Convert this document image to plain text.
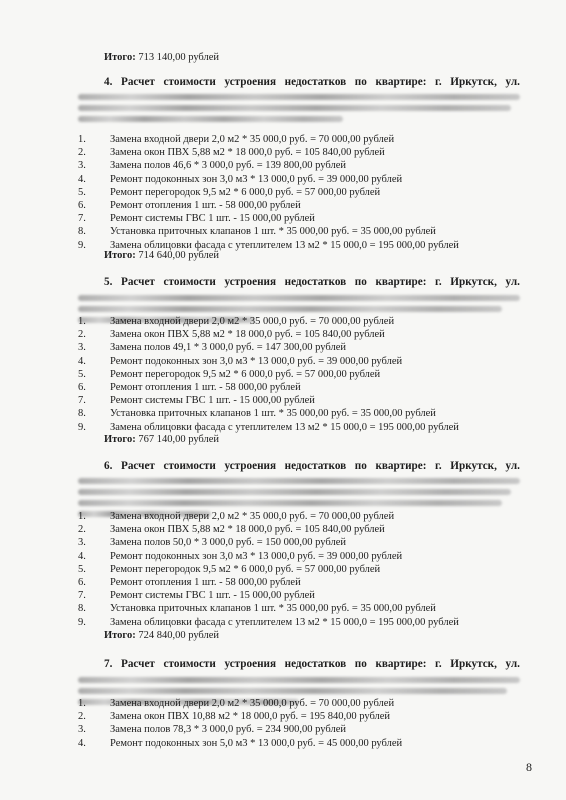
Итого: 713 140,00 рублей
4. Расчет стоимости устроения недостатков по квартире: г. Иркутск, ул.
1. Замена входной двери 2,0 м2 * 35 000,0 руб. = 70 000,00 рублей
2. Замена окон ПВХ 5,88 м2 * 18 000,0 руб. = 105 840,00 рублей
3. Замена полов 46,6 * 3 000,0 руб. = 139 800,00 рублей
4. Ремонт подоконных зон 3,0 м3 * 13 000,0 руб. = 39 000,00 рублей
5. Ремонт перегородок 9,5 м2 * 6 000,0 руб. = 57 000,00 рублей
6. Ремонт отопления 1 шт. - 58 000,00 рублей
7. Ремонт системы ГВС 1 шт. - 15 000,00 рублей
8. Установка приточных клапанов 1 шт. * 35 000,00 руб. = 35 000,00 рублей
9. Замена облицовки фасада с утеплителем 13 м2 * 15 000,0 = 195 000,00 рублей
Итого: 714 640,00 рублей
5. Расчет стоимости устроения недостатков по квартире: г. Иркутск, ул.
1. Замена входной двери 2,0 м2 * 35 000,0 руб. = 70 000,00 рублей
2. Замена окон ПВХ 5,88 м2 * 18 000,0 руб. = 105 840,00 рублей
3. Замена полов 49,1 * 3 000,0 руб. = 147 300,00 рублей
4. Ремонт подоконных зон 3,0 м3 * 13 000,0 руб. = 39 000,00 рублей
5. Ремонт перегородок 9,5 м2 * 6 000,0 руб. = 57 000,00 рублей
6. Ремонт отопления 1 шт. - 58 000,00 рублей
7. Ремонт системы ГВС 1 шт. - 15 000,00 рублей
8. Установка приточных клапанов 1 шт. * 35 000,00 руб. = 35 000,00 рублей
9. Замена облицовки фасада с утеплителем 13 м2 * 15 000,0 = 195 000,00 рублей
Итого: 767 140,00 рублей
6. Расчет стоимости устроения недостатков по квартире: г. Иркутск, ул.
1. Замена входной двери 2,0 м2 * 35 000,0 руб. = 70 000,00 рублей
2. Замена окон ПВХ 5,88 м2 * 18 000,0 руб. = 105 840,00 рублей
3. Замена полов 50,0 * 3 000,0 руб. = 150 000,00 рублей
4. Ремонт подоконных зон 3,0 м3 * 13 000,0 руб. = 39 000,00 рублей
5. Ремонт перегородок 9,5 м2 * 6 000,0 руб. = 57 000,00 рублей
6. Ремонт отопления 1 шт. - 58 000,00 рублей
7. Ремонт системы ГВС 1 шт. - 15 000,00 рублей
8. Установка приточных клапанов 1 шт. * 35 000,00 руб. = 35 000,00 рублей
9. Замена облицовки фасада с утеплителем 13 м2 * 15 000,0 = 195 000,00 рублей
Итого: 724 840,00 рублей
7. Расчет стоимости устроения недостатков по квартире: г. Иркутск, ул.
1. Замена входной двери 2,0 м2 * 35 000,0 руб. = 70 000,00 рублей
2. Замена окон ПВХ 10,88 м2 * 18 000,0 руб. = 195 840,00 рублей
3. Замена полов 78,3 * 3 000,0 руб. = 234 900,00 рублей
4. Ремонт подоконных зон 5,0 м3 * 13 000,0 руб. = 45 000,00 рублей
8
